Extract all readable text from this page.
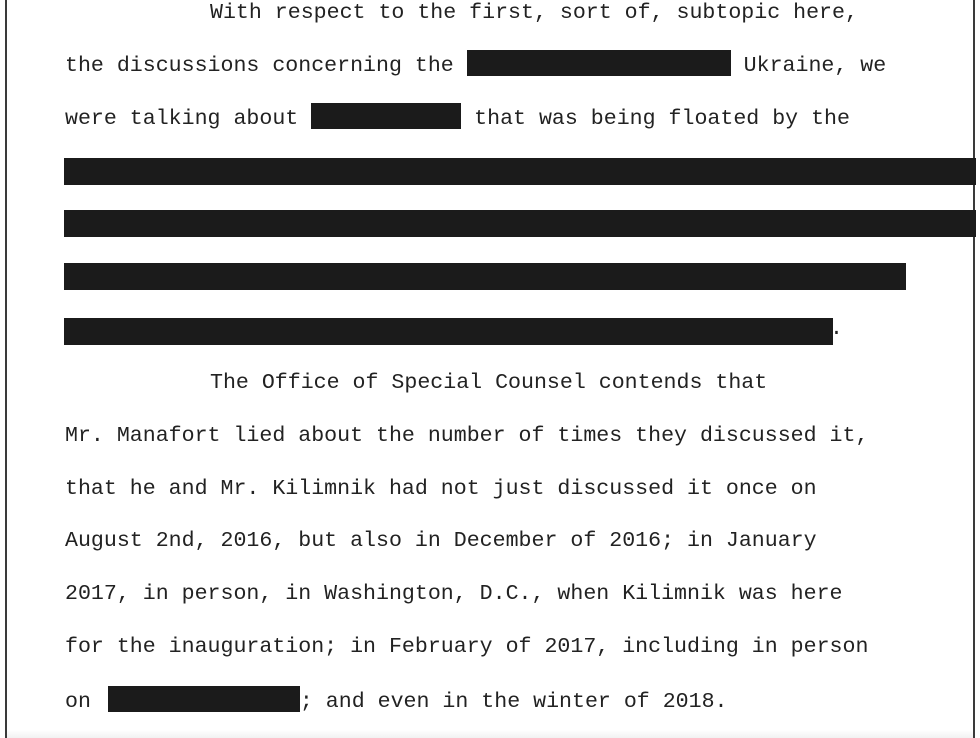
With respect to the first, sort of, subtopic here,
the discussions concerning the	Ukraine, we
were talking about	that was being floated by the
.
The Office of Special Counsel contends that
Mr. Manafort lied about the number of times they discussed it,
that he and Mr. Kilimnik had not just discussed it once on
August 2nd, 2016, but also in December of 2016; in January
2017, in person, in Washington, D.C., when Kilimnik was here
for the inauguration; in February of 2017, including in person
on	; and even in the winter of 2018.
